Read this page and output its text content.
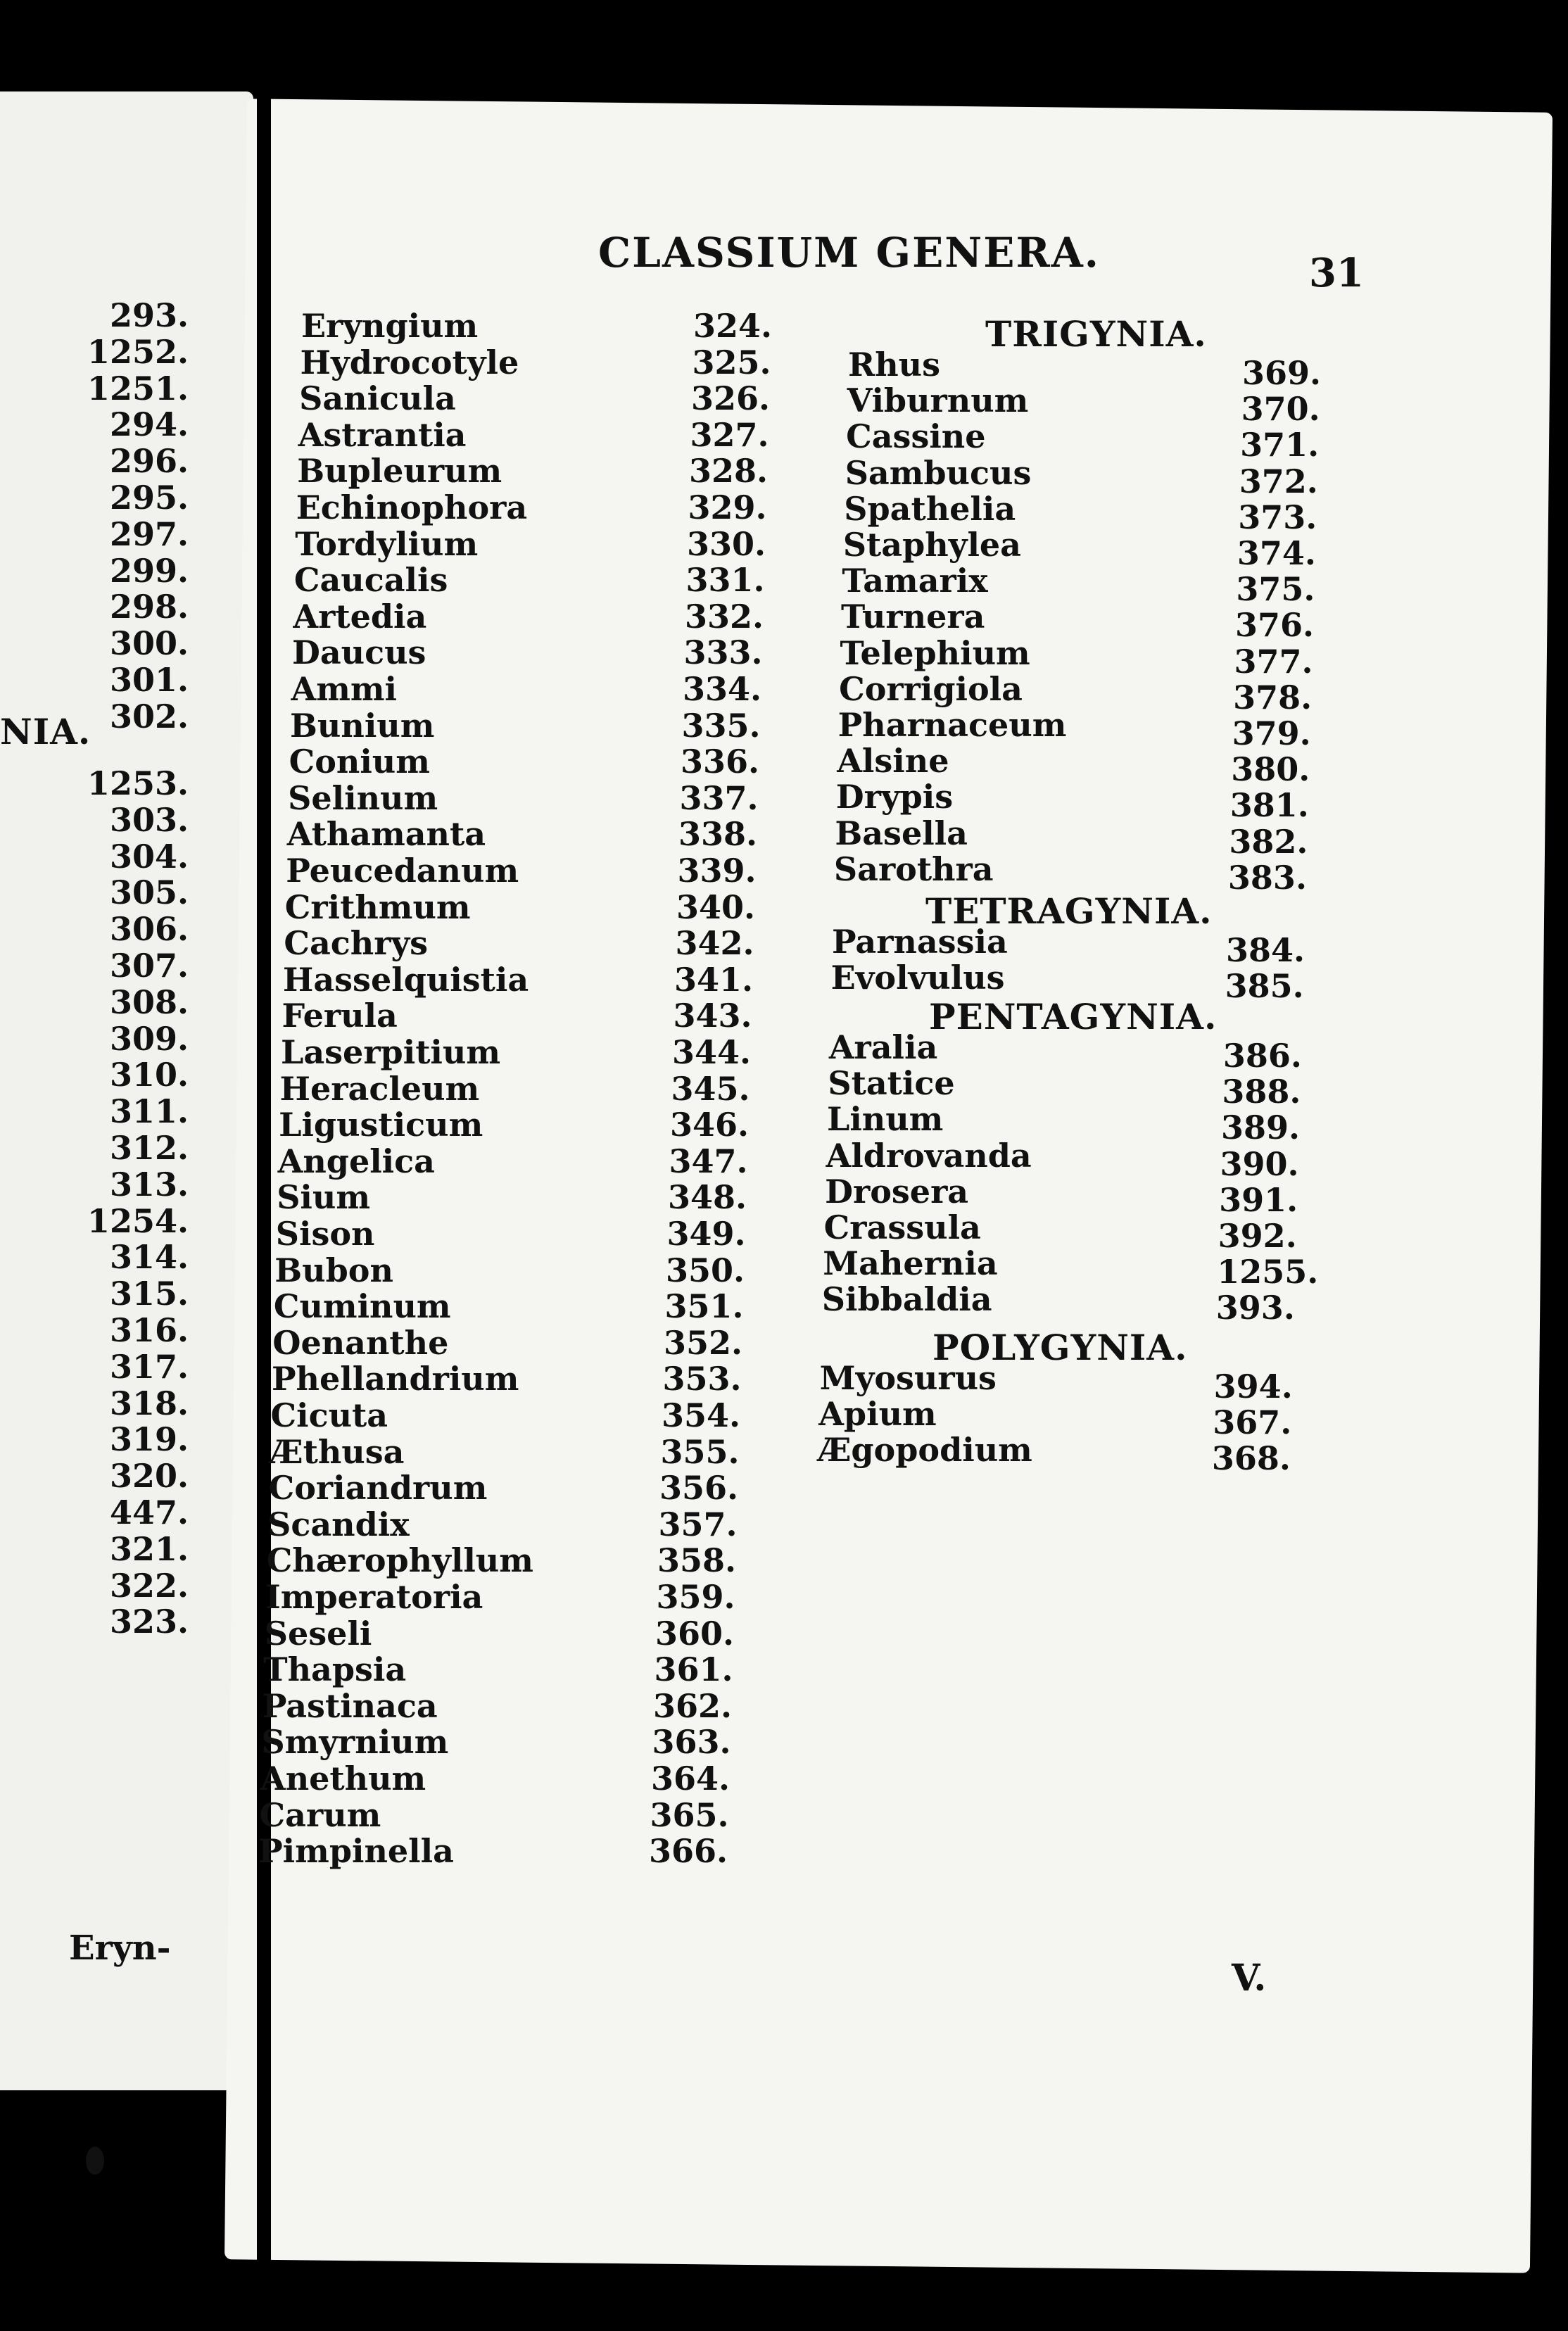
CLASSIUM GENERA.	31
293.
1252.
1251.
294.
296.
295.
297.
299.
298.
300.
301.
302.
1253.
303.
304.
305.
306.
307.
308.
309.
310.
311.
312.
313.
1254.
314.
315.
316.
317.
318.
319.
320.
447.
321.
322.
323.
NIA.
Eryn-
Eryngium	324.
Hydrocotyle	325.
Sanicula	326.
Astrantia	327.
Bupleurum	328.
Echinophora	329.
Tordylium	330.
Caucalis	331.
Artedia	332.
Daucus	333.
Ammi	334.
Bunium	335.
Conium	336.
Selinum	337.
Athamanta	338.
Peucedanum	339.
Crithmum	340.
Cachrys	342.
Hasselquistia	341.
Ferula	343.
Laserpitium	344.
Heracleum	345.
Ligusticum	346.
Angelica	347.
Sium	348.
Sison	349.
Bubon	350.
Cuminum	351.
Oenanthe	352.
Phellandrium	353.
Cicuta	354.
Æthusa	355.
Coriandrum	356.
Scandix	357.
Chærophyllum	358.
Imperatoria	359.
Seseli	360.
Thapsia	361.
Pastinaca	362.
Smyrnium	363.
Anethum	364.
Carum	365.
Pimpinella	366.
TRIGYNIA.
Rhus	369.
Viburnum	370.
Cassine	371.
Sambucus	372.
Spathelia	373.
Staphylea	374.
Tamarix	375.
Turnera	376.
Telephium	377.
Corrigiola	378.
Pharnaceum	379.
Alsine	380.
Drypis	381.
Basella	382.
Sarothra	383.
TETRAGYNIA.
Parnassia	384.
Evolvulus	385.
PENTAGYNIA.
Aralia	386.
Statice	388.
Linum	389.
Aldrovanda	390.
Drosera	391.
Crassula	392.
Mahernia	1255.
Sibbaldia	393.
POLYGYNIA.
Myosurus	394.
Apium	367.
Ægopodium	368.
V.
